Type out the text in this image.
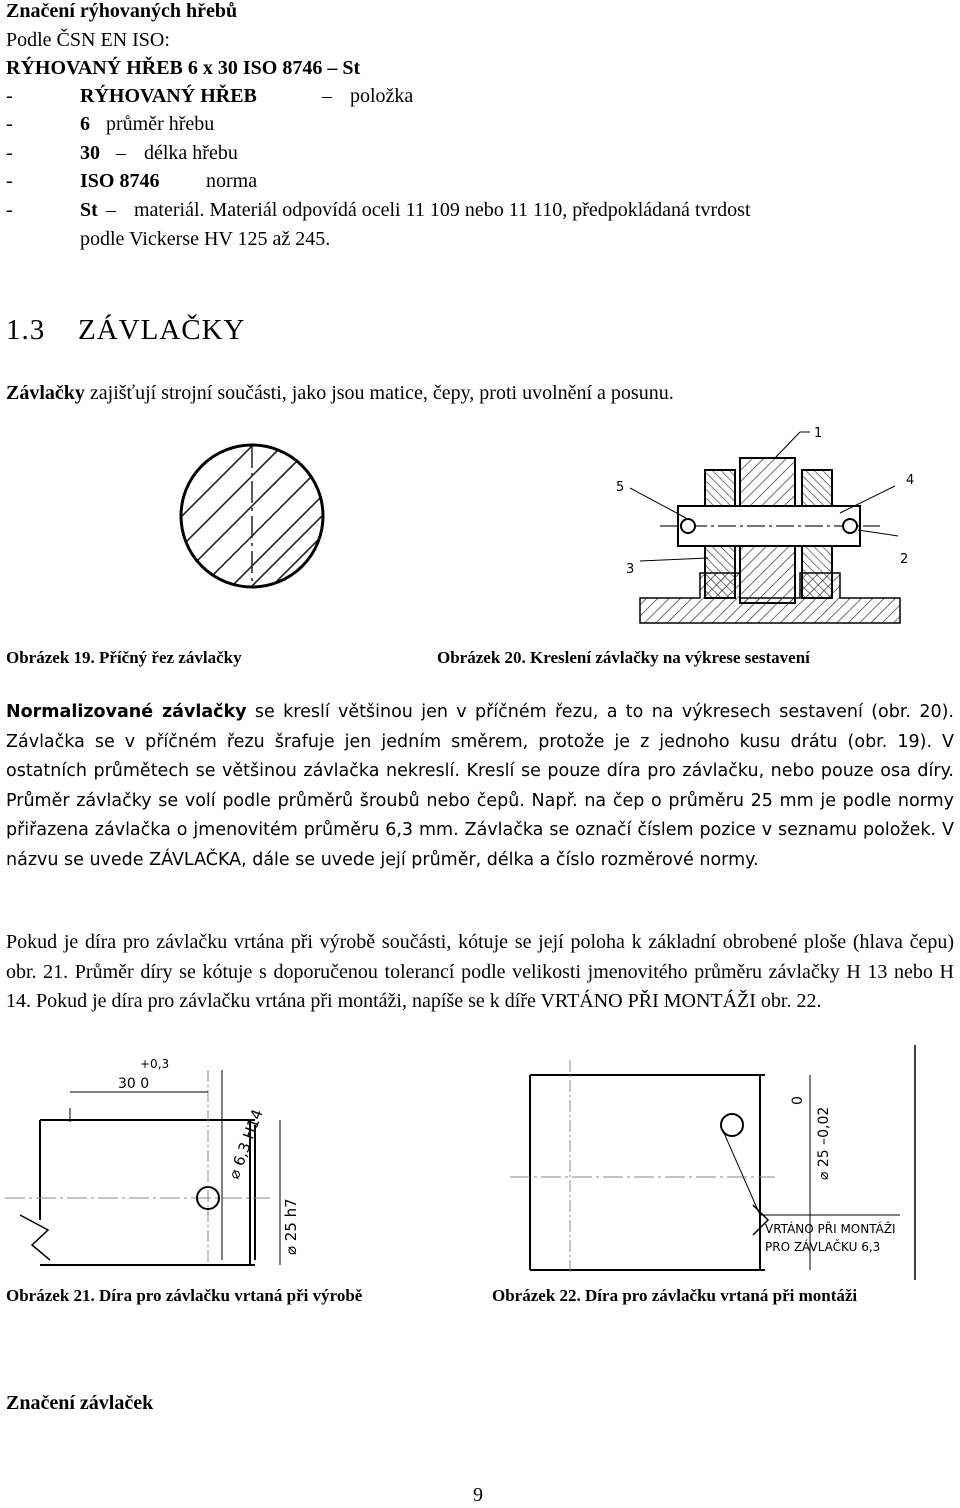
Značení rýhovaných hřebů
Podle ČSN EN ISO:
RÝHOVANÝ HŘEB 6 x 30 ISO 8746 – St
-	RÝHOVANÝ HŘEB	– položka
-	6 průměr hřebu
-	30 – délka hřebu
-	ISO 8746 norma
-	St – materiál. Materiál odpovídá oceli 11 109 nebo 11 110, předpokládaná tvrdost
podle Vickerse HV 125 až 245.
1.3 ZÁVLAČKY
Závlačky zajišťují strojní součásti, jako jsou matice, čepy, proti uvolnění a posunu.
1
2
3
4
5
Obrázek 19. Příčný řez závlačky	Obrázek 20. Kreslení závlačky na výkrese sestavení
Normalizované závlačky se kreslí většinou jen v příčném řezu, a to na výkresech sestavení (obr. 20). Závlačka se v příčném řezu šrafuje jen jedním směrem, protože je z jednoho kusu drátu (obr. 19). V ostatních průmětech se většinou závlačka nekreslí. Kreslí se pouze díra pro závlačku, nebo pouze osa díry. Průměr závlačky se volí podle průměrů šroubů nebo čepů. Např. na čep o průměru 25 mm je podle normy přiřazena závlačka o jmenovitém průměru 6,3 mm. Závlačka se označí číslem pozice v seznamu položek. V názvu se uvede ZÁVLAČKA, dále se uvede její průměr, délka a číslo rozměrové normy.
Pokud je díra pro závlačku vrtána při výrobě součásti, kótuje se její poloha k základní obrobené ploše (hlava čepu) obr. 21. Průměr díry se kótuje s doporučenou tolerancí podle velikosti jmenovitého průměru závlačky H 13 nebo H 14. Pokud je díra pro závlačku vrtána při montáži, napíše se k díře VRTÁNO PŘI MONTÁŽI obr. 22.
30 0
+0,3
⌀ 6,3 H14
⌀ 25 h7
0
⌀ 25 –0,02
VRTÁNO PŘI MONTÁŽI
PRO ZÁVLAČKU 6,3
Obrázek 21. Díra pro závlačku vrtaná při výrobě	Obrázek 22. Díra pro závlačku vrtaná při montáži
Značení závlaček
9
